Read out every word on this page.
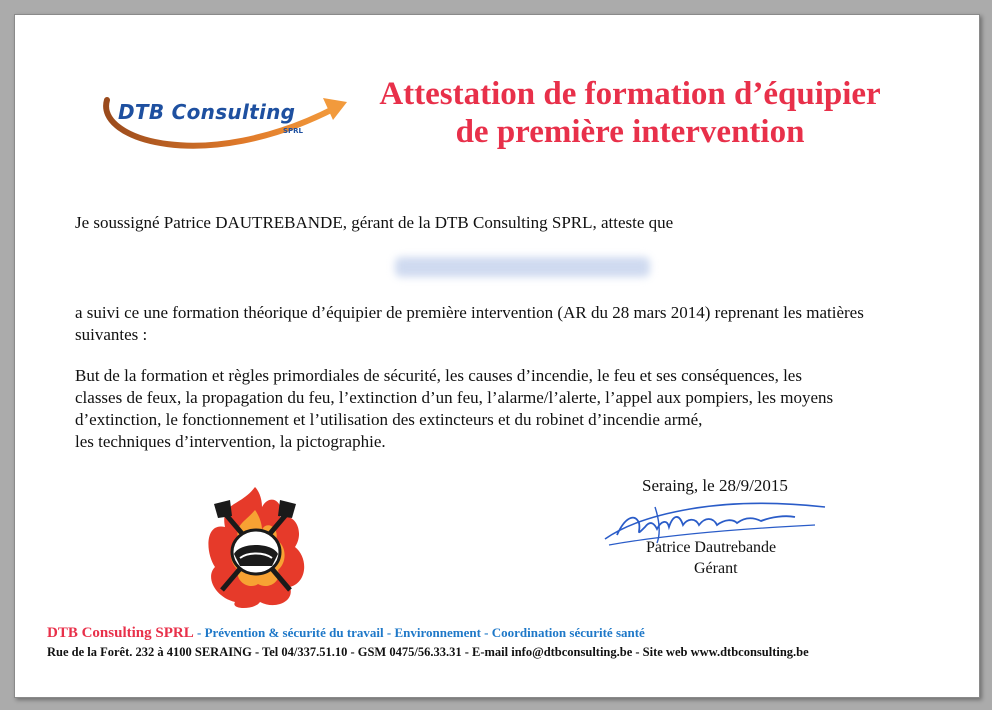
DTB Consulting
SPRL
Attestation de formation d’équipier
de première intervention
Je soussigné Patrice DAUTREBANDE, gérant de la DTB Consulting SPRL, atteste que
a suivi ce une formation théorique d’équipier de première intervention (AR du 28 mars 2014) reprenant les matières suivantes :
But de la formation et règles primordiales de sécurité, les causes d’incendie, le feu et ses conséquences, les
classes de feux, la propagation du feu, l’extinction d’un feu, l’alarme/l’alerte, l’appel aux pompiers, les moyens
d’extinction, le fonctionnement et l’utilisation des extincteurs et du robinet d’incendie armé,
les techniques d’intervention, la pictographie.
Seraing, le 28/9/2015
Patrice Dautrebande
Gérant
DTB Consulting SPRL - Prévention & sécurité du travail - Environnement - Coordination sécurité santé
Rue de la Forêt. 232 à 4100 SERAING - Tel 04/337.51.10 - GSM 0475/56.33.31 - E-mail info@dtbconsulting.be - Site web www.dtbconsulting.be
